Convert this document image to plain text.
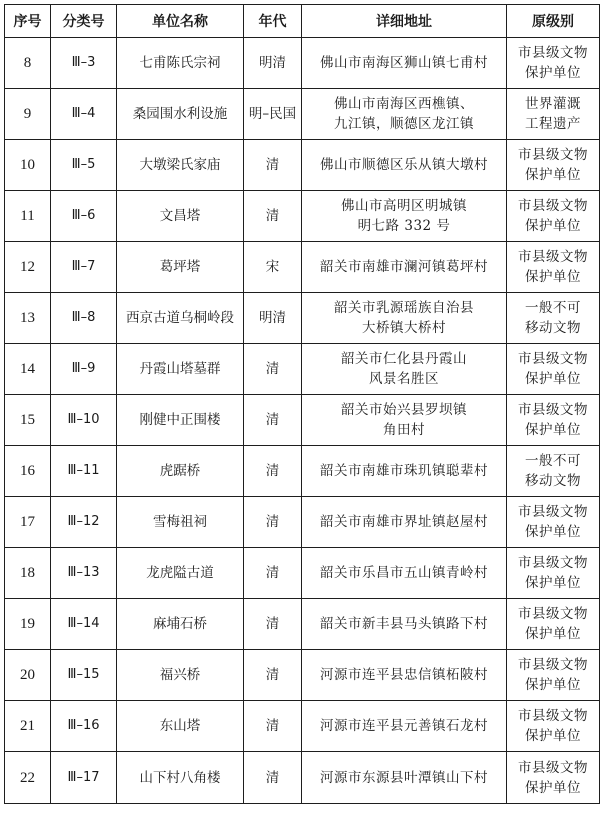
序号	分类号	单位名称	年代	详细地址	原级别
8	Ⅲ–3	七甫陈氏宗祠	明清	佛山市南海区狮山镇七甫村	市县级文物
保护单位

9	Ⅲ–4	桑园围水利设施	明–民国	佛山市南海区西樵镇、
九江镇，顺德区龙江镇	世界灌溉
工程遗产

10	Ⅲ–5	大墩梁氏家庙	清	佛山市顺德区乐从镇大墩村	市县级文物
保护单位

11	Ⅲ–6	文昌塔	清	佛山市高明区明城镇
明七路 332 号	市县级文物
保护单位

12	Ⅲ–7	葛坪塔	宋	韶关市南雄市澜河镇葛坪村	市县级文物
保护单位

13	Ⅲ–8	西京古道乌桐岭段	明清	韶关市乳源瑶族自治县
大桥镇大桥村	一般不可
移动文物

14	Ⅲ–9	丹霞山塔墓群	清	韶关市仁化县丹霞山
风景名胜区	市县级文物
保护单位

15	Ⅲ–10	刚健中正围楼	清	韶关市始兴县罗坝镇
角田村	市县级文物
保护单位

16	Ⅲ–11	虎踞桥	清	韶关市南雄市珠玑镇聪辈村	一般不可
移动文物

17	Ⅲ–12	雪梅祖祠	清	韶关市南雄市界址镇赵屋村	市县级文物
保护单位

18	Ⅲ–13	龙虎隘古道	清	韶关市乐昌市五山镇青岭村	市县级文物
保护单位

19	Ⅲ–14	麻埔石桥	清	韶关市新丰县马头镇路下村	市县级文物
保护单位

20	Ⅲ–15	福兴桥	清	河源市连平县忠信镇柘陂村	市县级文物
保护单位

21	Ⅲ–16	东山塔	清	河源市连平县元善镇石龙村	市县级文物
保护单位

22	Ⅲ–17	山下村八角楼	清	河源市东源县叶潭镇山下村	市县级文物
保护单位
